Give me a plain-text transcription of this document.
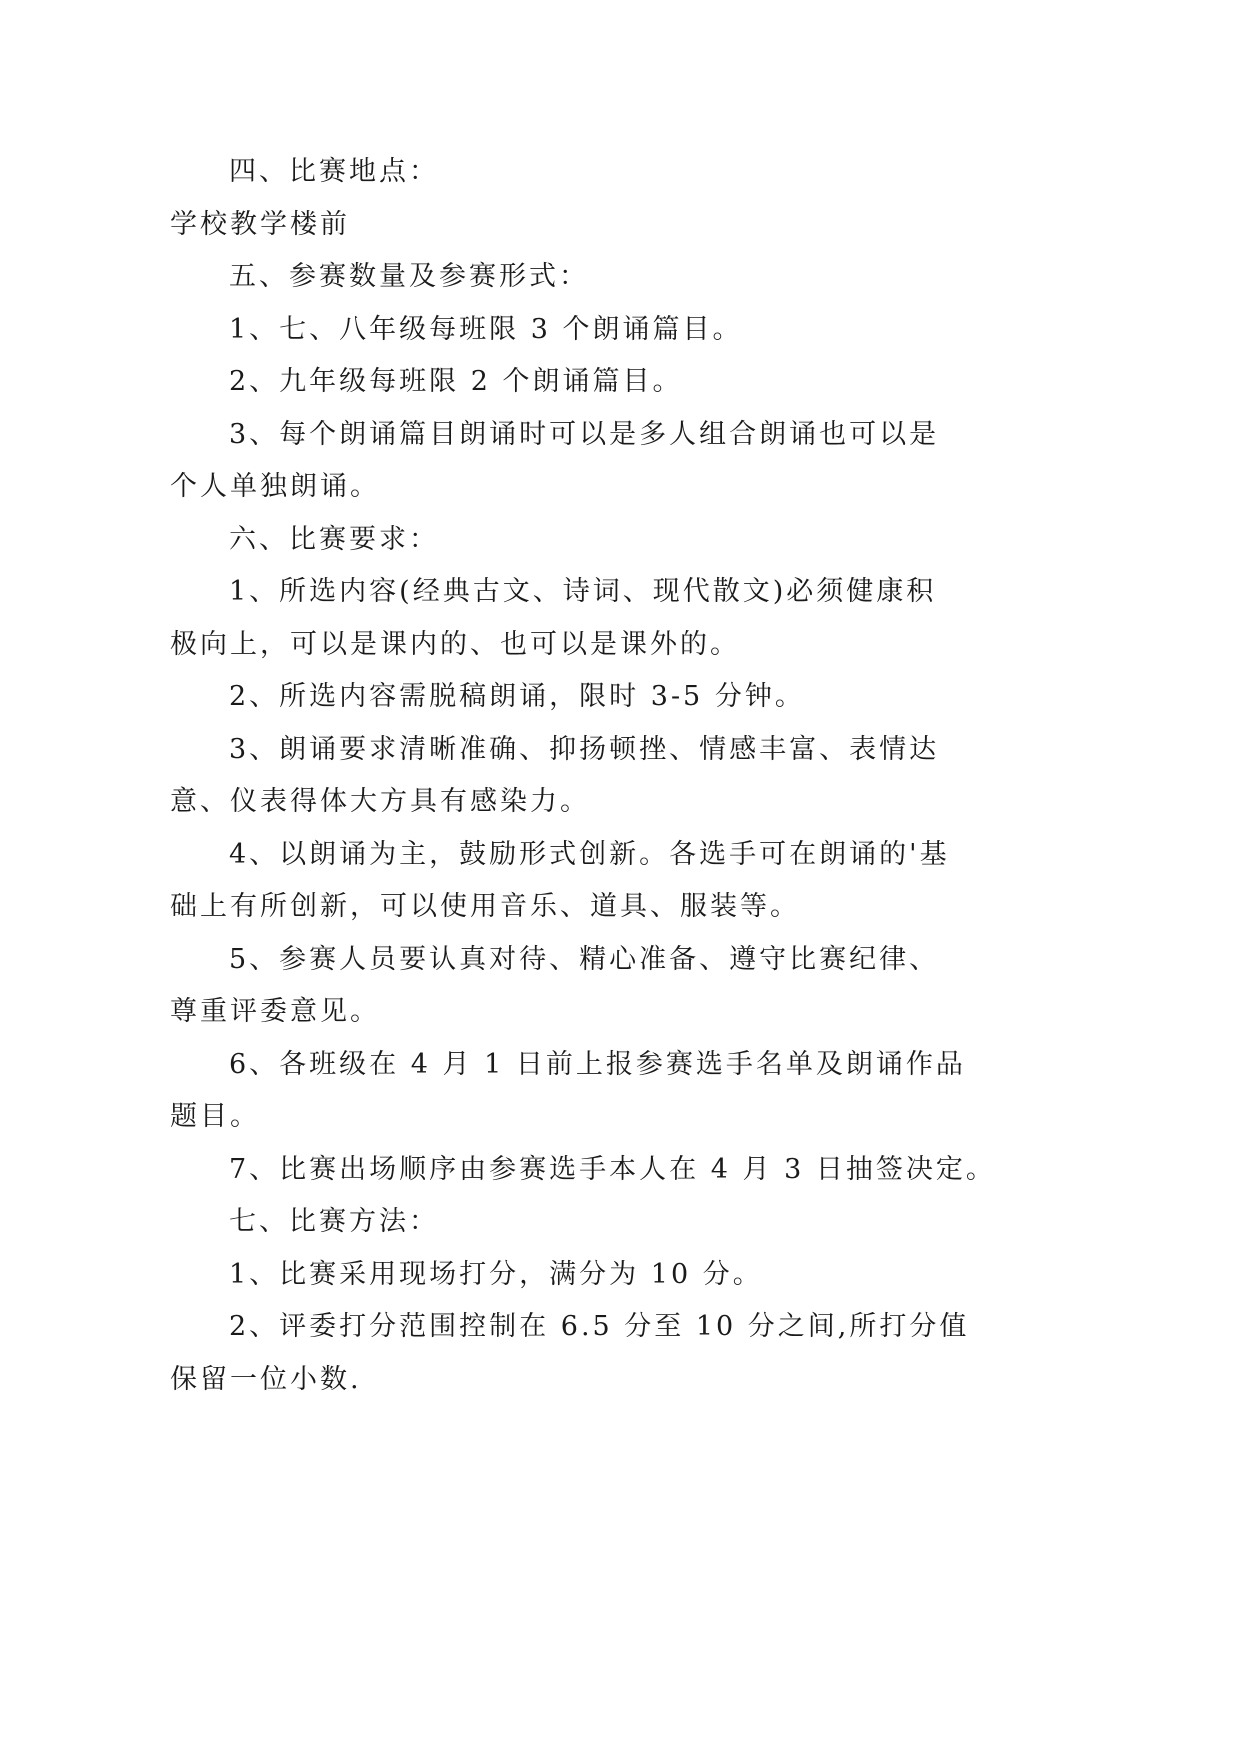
四、比赛地点：

学校教学楼前

五、参赛数量及参赛形式：

1、七、八年级每班限 3 个朗诵篇目。

2、九年级每班限 2 个朗诵篇目。

3、每个朗诵篇目朗诵时可以是多人组合朗诵也可以是

个人单独朗诵。

六、比赛要求：

1、所选内容(经典古文、诗词、现代散文)必须健康积

极向上，可以是课内的、也可以是课外的。

2、所选内容需脱稿朗诵，限时 3-5 分钟。

3、朗诵要求清晰准确、抑扬顿挫、情感丰富、表情达

意、仪表得体大方具有感染力。

4、以朗诵为主，鼓励形式创新。各选手可在朗诵的'基

础上有所创新，可以使用音乐、道具、服装等。

5、参赛人员要认真对待、精心准备、遵守比赛纪律、

尊重评委意见。

6、各班级在 4 月 1 日前上报参赛选手名单及朗诵作品

题目。

7、比赛出场顺序由参赛选手本人在 4 月 3 日抽签决定。

七、比赛方法：

1、比赛采用现场打分，满分为 10 分。

2、评委打分范围控制在 6.5 分至 10 分之间,所打分值

保留一位小数.
